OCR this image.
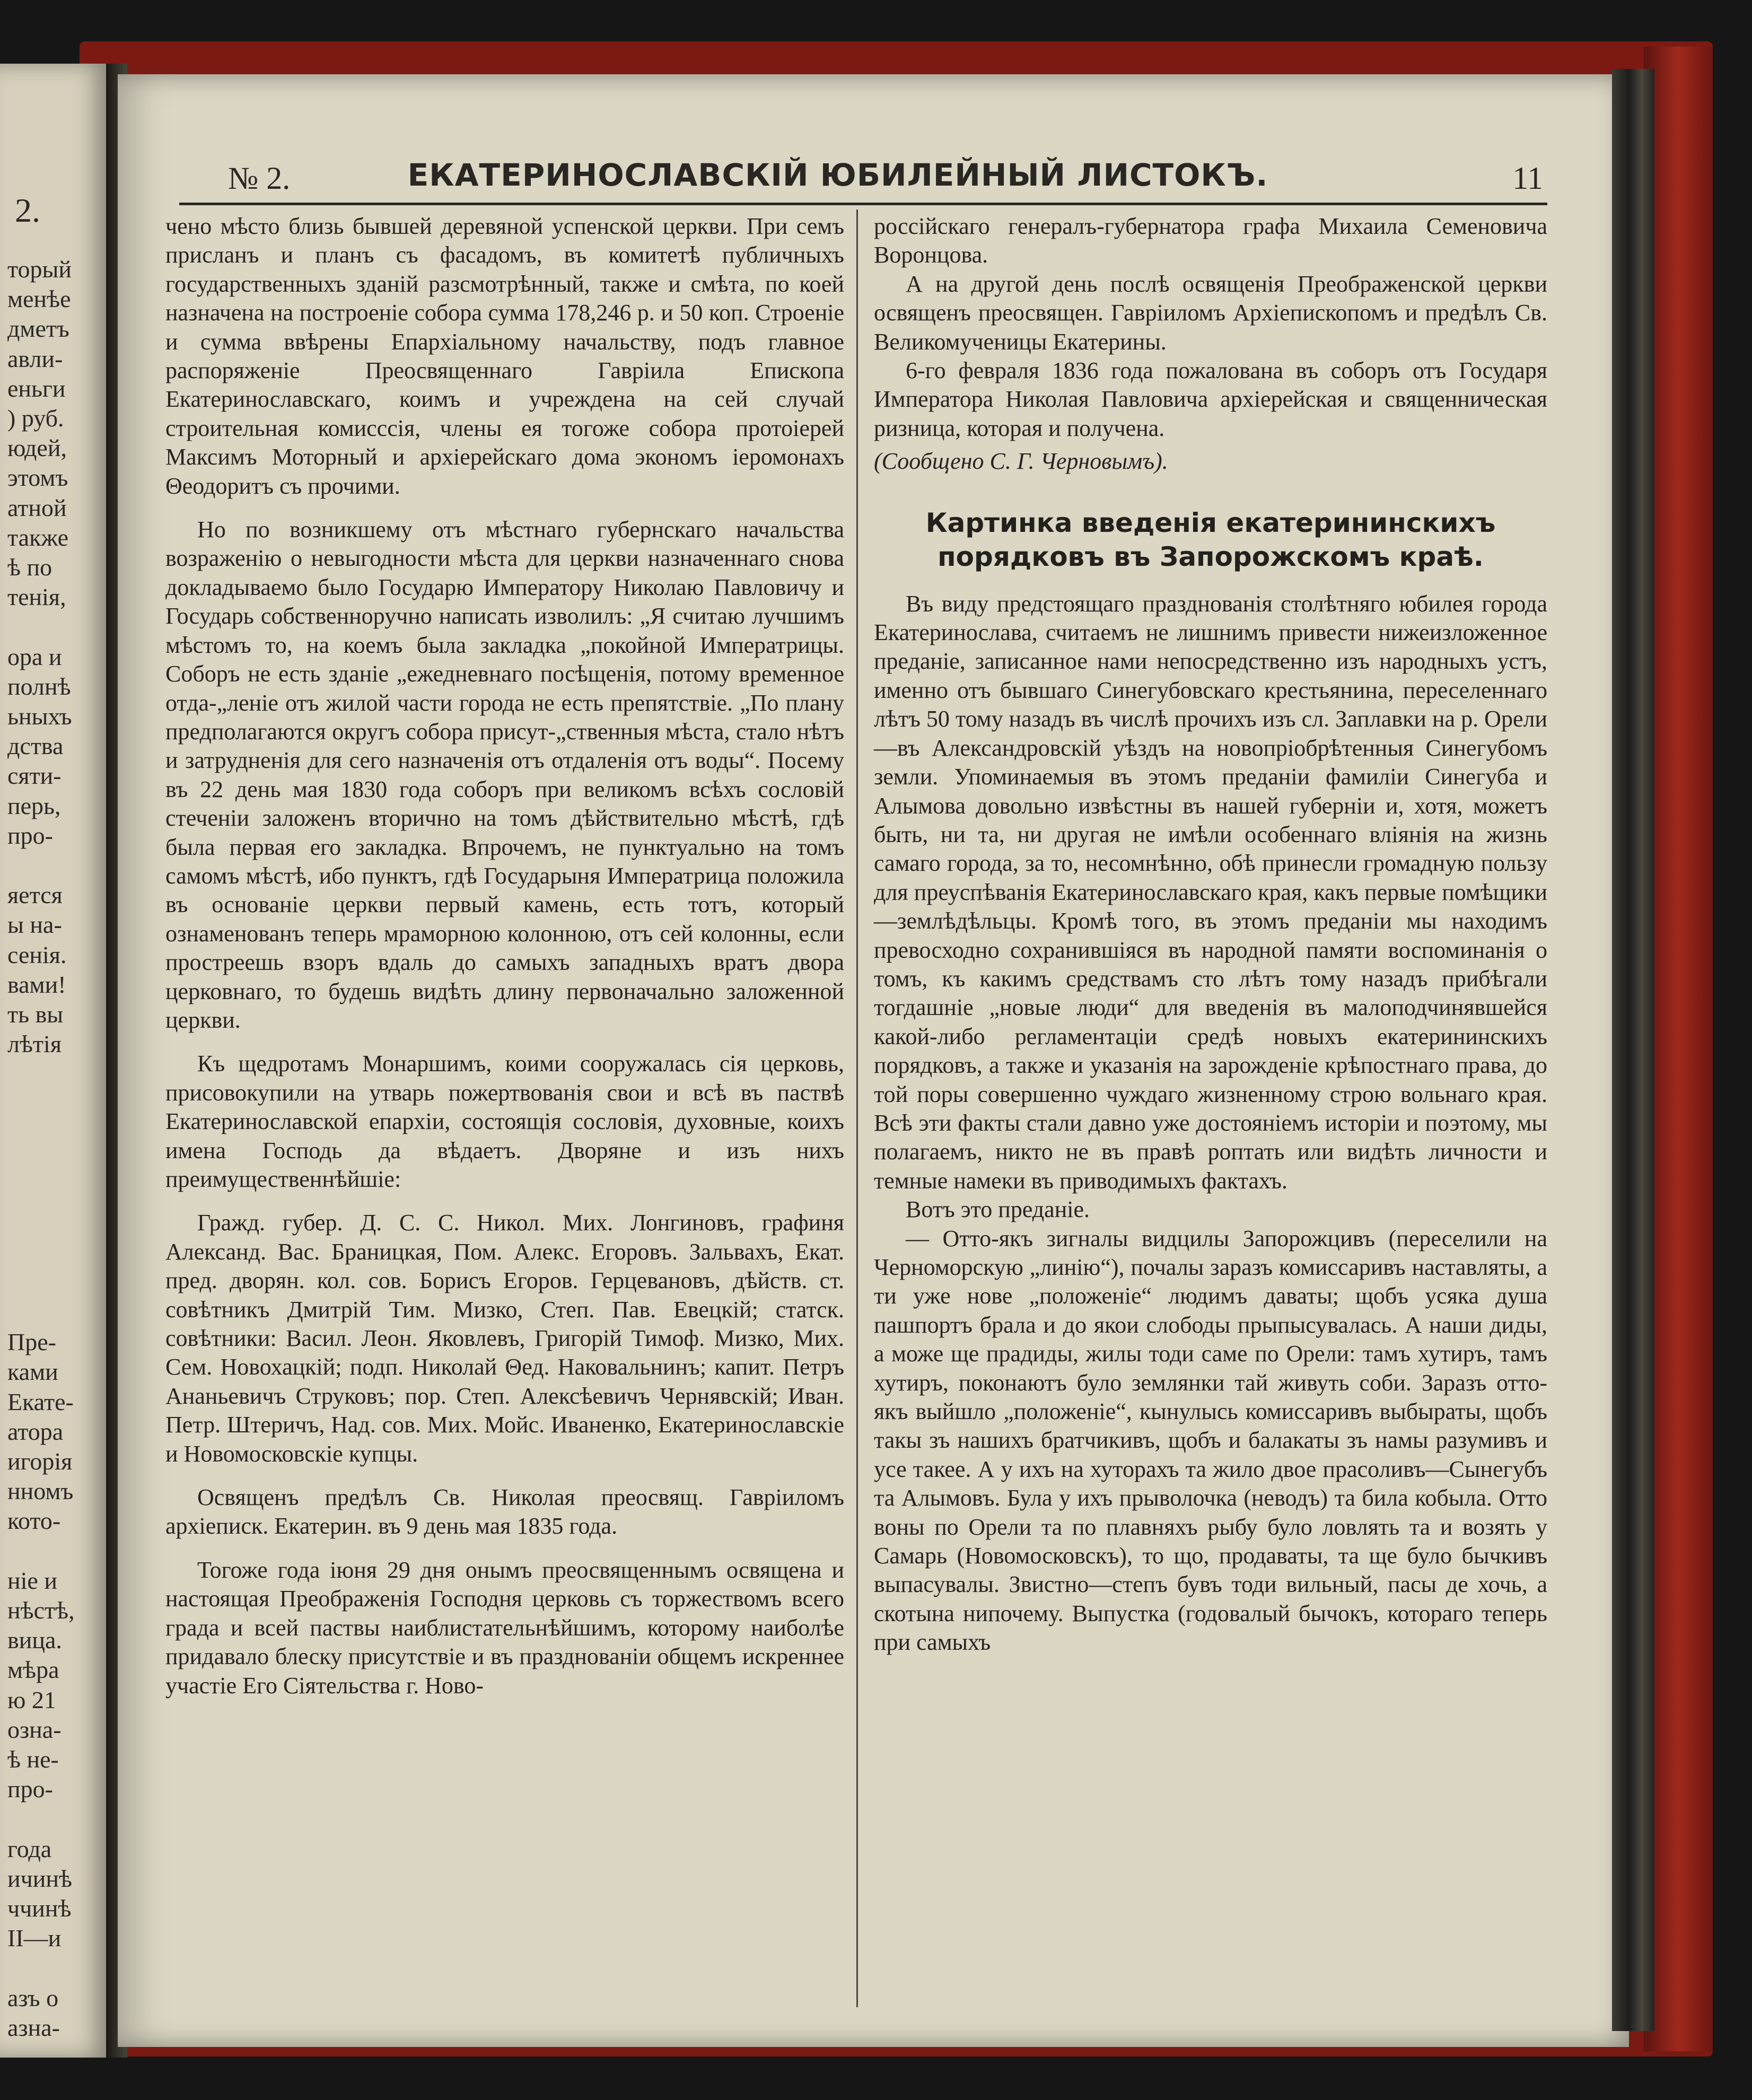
2.
торый
менѣе
дметъ
авли-
еньги
) руб.
юдей,
этомъ
атной
также
ѣ по
тенія,
ора и
полнѣ
ьныхъ
дства
сяти-
перь,
про-
яется
ы на-
сенія.
вами!
ть вы
лѣтія
Пре-
ками
Екате-
атора
игорія
нномъ
кото-
ніе и
нѣстѣ,
вица.
мѣра
ю 21
озна-
ѣ не-
про-
года
ичинѣ
ччинѣ
II—и
азъ о
азна-
№ 2.	ЕКАТЕРИНОСЛАВСКIЙ ЮБИЛЕЙНЫЙ ЛИСТОКЪ.	11

чено мѣсто близь бывшей деревяной успенской церкви. При семъ присланъ и планъ съ фасадомъ, въ комитетѣ публичныхъ государственныхъ зданій разсмотрѣнный, также и смѣта, по коей назначена на построеніе собора сумма 178,246 р. и 50 коп. Строеніе и сумма ввѣрены Епархіальному начальству, подъ главное распоряженіе Преосвященнаго Гавріила Епископа Екатеринославскаго, коимъ и учреждена на сей случай строительная комисссія, члены ея тогоже собора протоіерей Максимъ Моторный и архіерейскаго дома экономъ іеромонахъ Θеодоритъ съ прочими.

Но по возникшему отъ мѣстнаго губернскаго начальства возраженію о невыгодности мѣста для церкви назначеннаго снова докладываемо было Государю Императору Николаю Павловичу и Государь собственноручно написать изволилъ: „Я считаю лучшимъ мѣстомъ то, на коемъ была закладка „покойной Императрицы. Соборъ не есть зданіе „ежедневнаго посѣщенія, потому временное отда-„леніе отъ жилой части города не есть препятствіе. „По плану предполагаются округъ собора присут-„ственныя мѣста, стало нѣтъ и затрудненія для сего назначенія отъ отдаленія отъ воды“. Посему въ 22 день мая 1830 года соборъ при великомъ всѣхъ сословій стеченіи заложенъ вторично на томъ дѣйствительно мѣстѣ, гдѣ была первая его закладка. Впрочемъ, не пунктуально на томъ самомъ мѣстѣ, ибо пунктъ, гдѣ Государыня Императрица положила въ основаніе церкви первый камень, есть тотъ, который ознаменованъ теперь мраморною колонною, отъ сей колонны, если простреешь взоръ вдаль до самыхъ западныхъ вратъ двора церковнаго, то будешь видѣть длину первоначально заложенной церкви.

Къ щедротамъ Монаршимъ, коими сооружалась сія церковь, присовокупили на утварь пожертвованія свои и всѣ въ паствѣ Екатеринославской епархіи, состоящія сословія, духовные, коихъ имена Господь да вѣдаетъ. Дворяне и изъ нихъ преимущественнѣйшіе:

Гражд. губер. Д. С. С. Никол. Мих. Лонгиновъ, графиня Александ. Вас. Браницкая, Пом. Алекс. Егоровъ. Зальвахъ, Екат. пред. дворян. кол. сов. Борисъ Егоров. Герцевановъ, дѣйств. ст. совѣтникъ Дмитрій Тим. Мизко, Степ. Пав. Евецкій; статск. совѣтники: Васил. Леон. Яковлевъ, Григорій Тимоф. Мизко, Мих. Сем. Новохацкій; подп. Николай Θед. Наковальнинъ; капит. Петръ Ананьевичъ Струковъ; пор. Степ. Алексѣевичъ Чернявскій; Иван. Петр. Штеричъ, Над. сов. Мих. Мойс. Иваненко, Екатеринославскіе и Новомосковскіе купцы.

Освященъ предѣлъ Св. Николая преосвящ. Гавріиломъ архіеписк. Екатерин. въ 9 день мая 1835 года.

Тогоже года іюня 29 дня онымъ преосвященнымъ освящена и настоящая Преображенія Господня церковь съ торжествомъ всего града и всей паствы наиблистательнѣйшимъ, которому наиболѣе придавало блеску присутствіе и въ празднованіи общемъ искреннее участіе Его Сіятельства г. Ново-

россійскаго генералъ-губернатора графа Михаила Семеновича Воронцова.

А на другой день послѣ освященія Преображенской церкви освященъ преосвящен. Гавріиломъ Архіепископомъ и предѣлъ Св. Великомученицы Екатерины.

6-го февраля 1836 года пожалована въ соборъ отъ Государя Императора Николая Павловича архіерейская и священническая ризница, которая и получена.

(Сообщено С. Г. Черновымъ).

Картинка введенія екатерининскихъ порядковъ въ Запорожскомъ краѣ.

Въ виду предстоящаго празднованія столѣтняго юбилея города Екатеринослава, считаемъ не лишнимъ привести нижеизложенное преданіе, записанное нами непосредственно изъ народныхъ устъ, именно отъ бывшаго Синегубовскаго крестьянина, переселеннаго лѣтъ 50 тому назадъ въ числѣ прочихъ изъ сл. Заплавки на р. Орели—въ Александровскій уѣздъ на новопріобрѣтенныя Синегубомъ земли. Упоминаемыя въ этомъ преданіи фамиліи Синегуба и Алымова довольно извѣстны въ нашей губерніи и, хотя, можетъ быть, ни та, ни другая не имѣли особеннаго вліянія на жизнь самаго города, за то, несомнѣнно, обѣ принесли громадную пользу для преуспѣванія Екатеринославскаго края, какъ первые помѣщики—землѣдѣльцы. Кромѣ того, въ этомъ преданіи мы находимъ превосходно сохранившіяся въ народной памяти воспоминанія о томъ, къ какимъ средствамъ сто лѣтъ тому назадъ прибѣгали тогдашніе „новые люди“ для введенія въ малоподчинявшейся какой-либо регламентаціи средѣ новыхъ екатерининскихъ порядковъ, а также и указанія на зарожденіе крѣпостнаго права, до той поры совершенно чуждаго жизненному строю вольнаго края. Всѣ эти факты стали давно уже достояніемъ исторіи и поэтому, мы полагаемъ, никто не въ правѣ роптать или видѣть личности и темные намеки въ приводимыхъ фактахъ.

Вотъ это преданіе.

— Отто-якъ зигналы видцилы Запорожцивъ (переселили на Черноморскую „линію“), почалы заразъ комиссаривъ наставляты, а ти уже нове „положеніе“ людимъ даваты; щобъ усяка душа пашпортъ брала и до якои слободы прыпысувалась. А наши диды, а може ще прадиды, жилы тоди саме по Орели: тамъ хутиръ, тамъ хутиръ, поконаютъ було землянки тай живуть соби. Заразъ отто-якъ выйшло „положеніе“, кынулысь комиссаривъ выбыраты, щобъ такы зъ нашихъ братчикивъ, щобъ и балакаты зъ намы разумивъ и усе такее. А у ихъ на хуторахъ та жило двое прасоливъ—Сынегубъ та Алымовъ. Була у ихъ прыволочка (неводъ) та била кобыла. Отто воны по Орели та по плавняхъ рыбу було ловлять та и возять у Самарь (Новомосковскъ), то що, продаваты, та ще було бычкивъ выпасувалы. Звистно—степъ бувъ тоди вильный, пасы де хочь, а скотына нипочему. Выпустка (годовалый бычокъ, котораго теперь при самыхъ
